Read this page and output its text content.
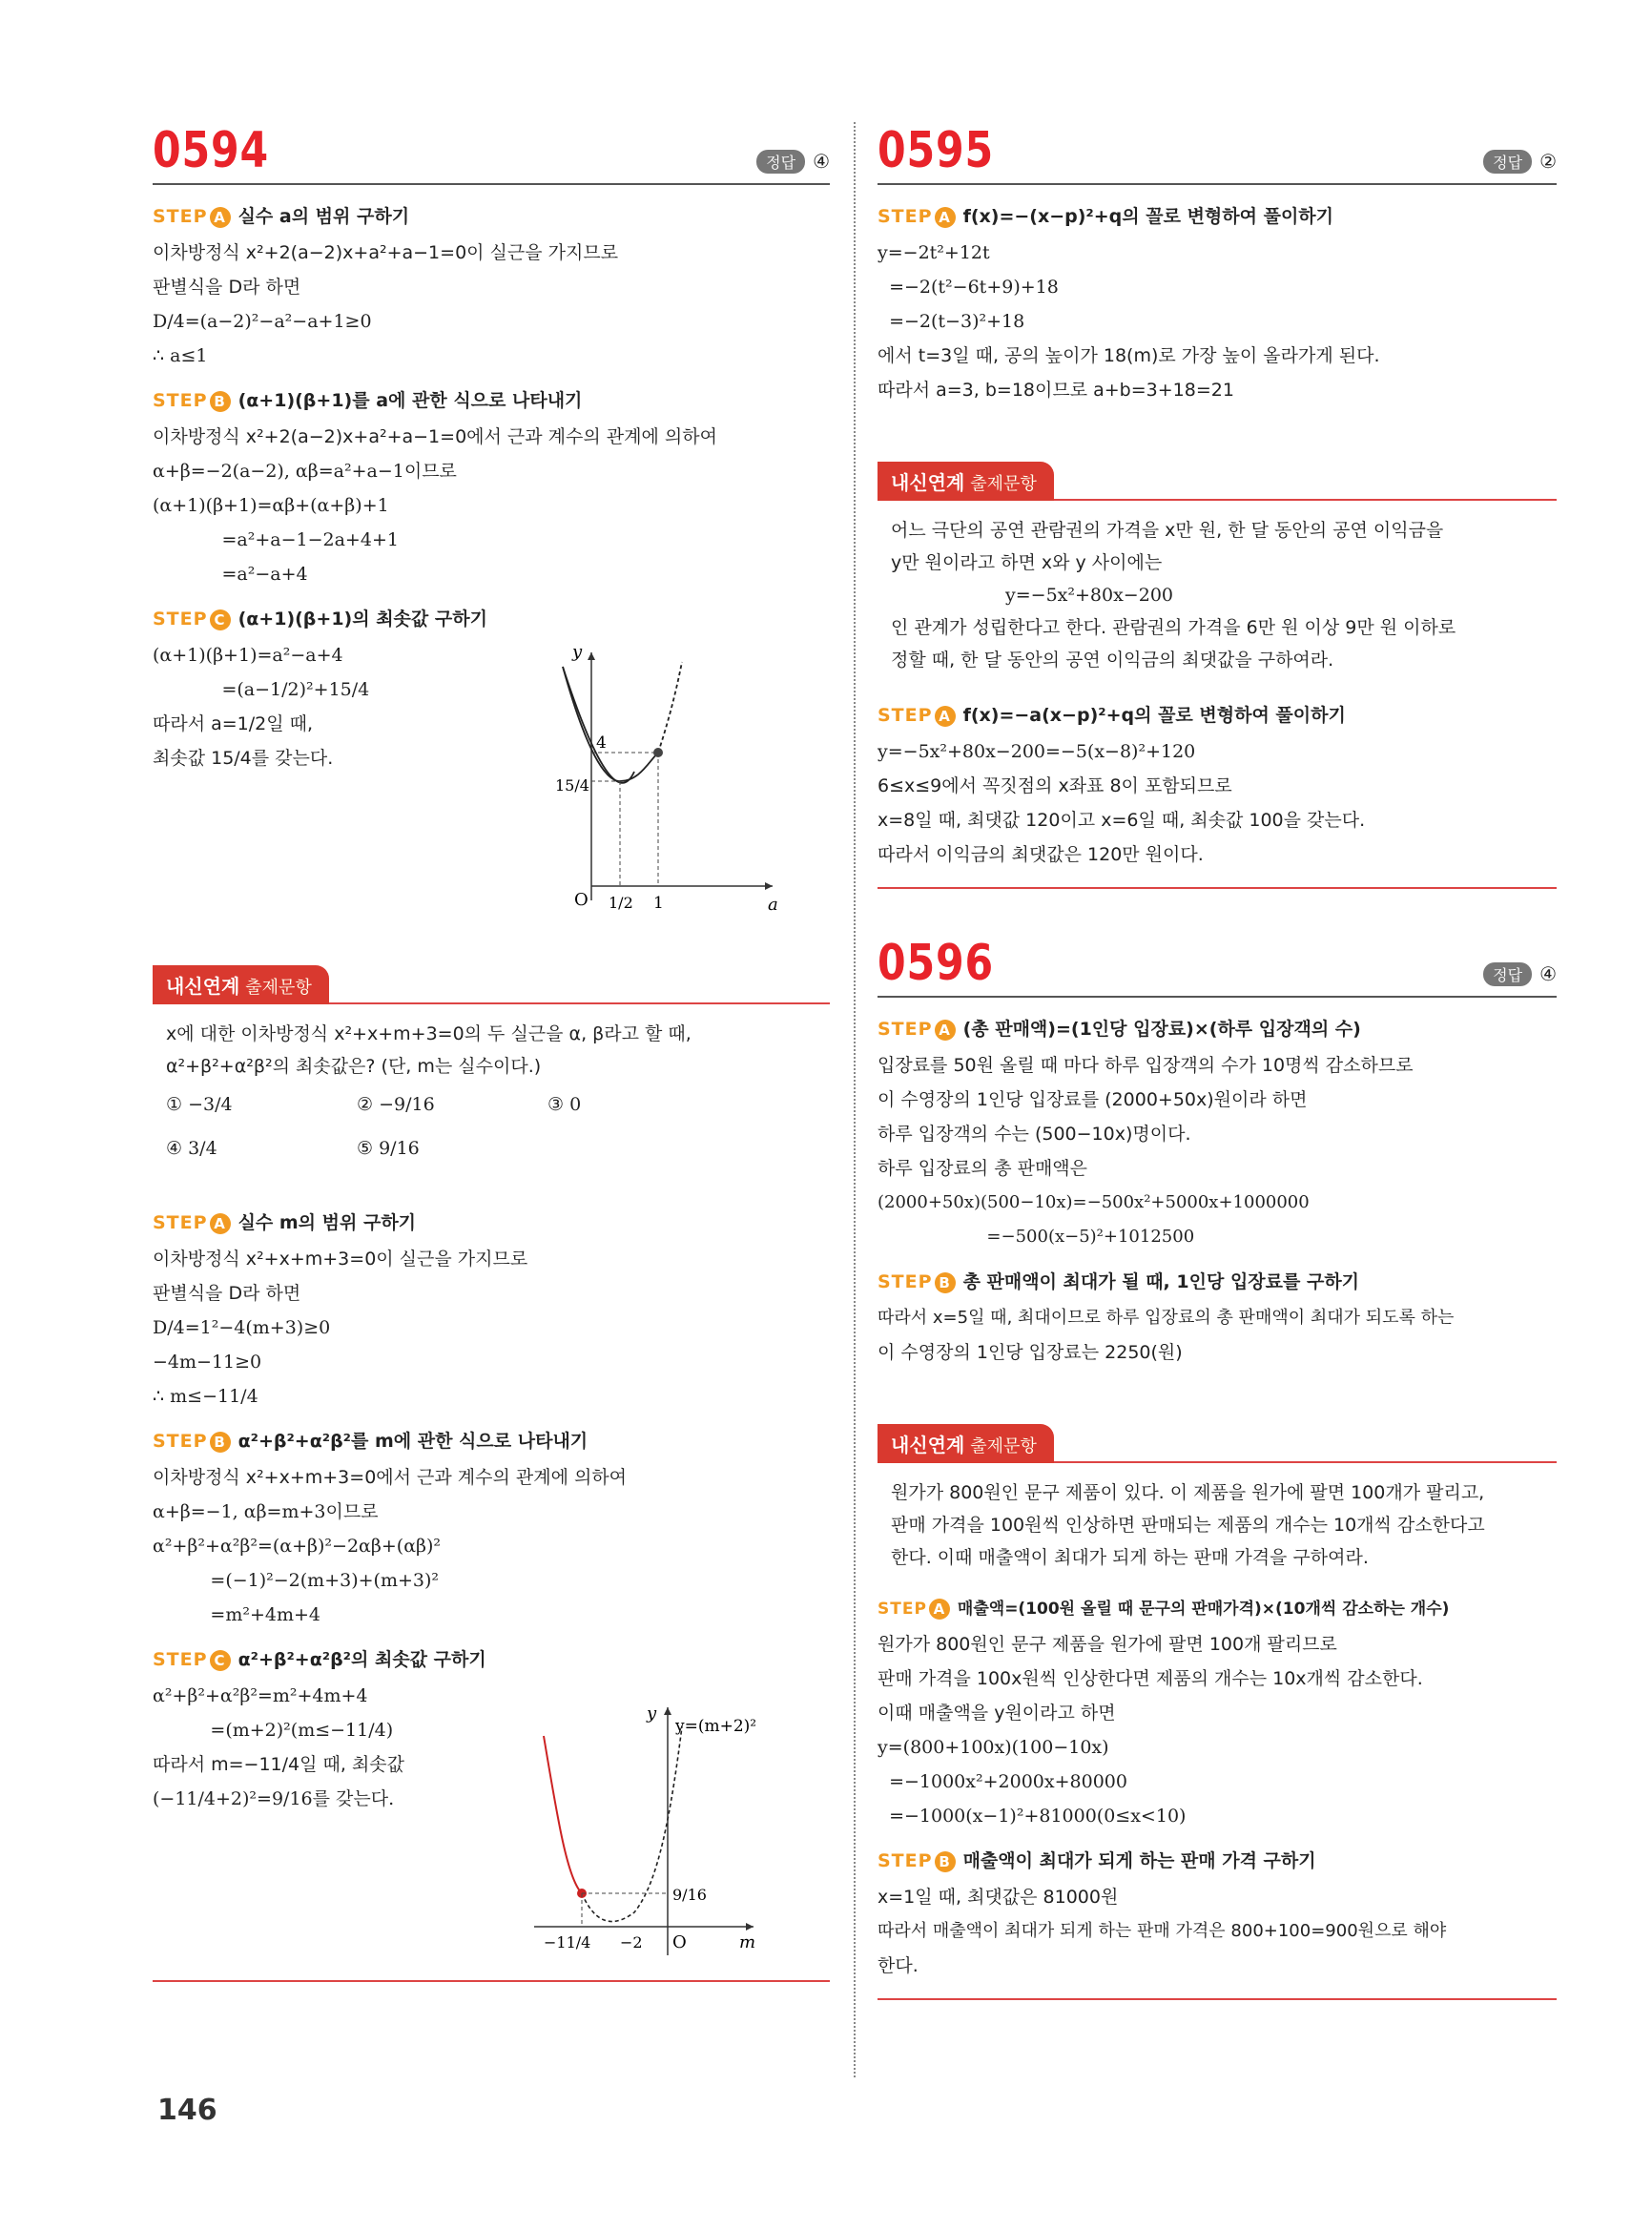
0594	정답 ④
STEP A 실수 a의 범위 구하기
이차방정식 x²+2(a−2)x+a²+a−1=0이 실근을 가지므로
판별식을 D라 하면
D/4=(a−2)²−a²−a+1≥0
∴ a≤1
STEP B (α+1)(β+1)를 a에 관한 식으로 나타내기
이차방정식 x²+2(a−2)x+a²+a−1=0에서 근과 계수의 관계에 의하여
α+β=−2(a−2), αβ=a²+a−1이므로
(α+1)(β+1)=αβ+(α+β)+1
=a²+a−1−2a+4+1
=a²−a+4
STEP C (α+1)(β+1)의 최솟값 구하기
(α+1)(β+1)=a²−a+4
=(a−1/2)²+15/4
따라서 a=1/2일 때,
최솟값 15/4를 갖는다.
y
a
O
4
15/4
1/2 1
내신연계 출제문항
x에 대한 이차방정식 x²+x+m+3=0의 두 실근을 α, β라고 할 때,
α²+β²+α²β²의 최솟값은? (단, m는 실수이다.)
① −3/4	② −9/16	③ 0
④ 3/4	⑤ 9/16
STEP A 실수 m의 범위 구하기
이차방정식 x²+x+m+3=0이 실근을 가지므로
판별식을 D라 하면
D/4=1²−4(m+3)≥0
−4m−11≥0
∴ m≤−11/4
STEP B α²+β²+α²β²를 m에 관한 식으로 나타내기
이차방정식 x²+x+m+3=0에서 근과 계수의 관계에 의하여
α+β=−1, αβ=m+3이므로
α²+β²+α²β²=(α+β)²−2αβ+(αβ)²
=(−1)²−2(m+3)+(m+3)²
=m²+4m+4
STEP C α²+β²+α²β²의 최솟값 구하기
α²+β²+α²β²=m²+4m+4
=(m+2)²(m≤−11/4)
따라서 m=−11/4일 때, 최솟값
(−11/4+2)²=9/16를 갖는다.
y
y=(m+2)²
9/16
O	m
−11/4 −2
0595	정답 ②
STEP A f(x)=−(x−p)²+q의 꼴로 변형하여 풀이하기
y=−2t²+12t
=−2(t²−6t+9)+18
=−2(t−3)²+18
에서 t=3일 때, 공의 높이가 18(m)로 가장 높이 올라가게 된다.
따라서 a=3, b=18이므로 a+b=3+18=21
내신연계 출제문항
어느 극단의 공연 관람권의 가격을 x만 원, 한 달 동안의 공연 이익금을
y만 원이라고 하면 x와 y 사이에는
y=−5x²+80x−200
인 관계가 성립한다고 한다. 관람권의 가격을 6만 원 이상 9만 원 이하로
정할 때, 한 달 동안의 공연 이익금의 최댓값을 구하여라.
STEP A f(x)=−a(x−p)²+q의 꼴로 변형하여 풀이하기
y=−5x²+80x−200=−5(x−8)²+120
6≤x≤9에서 꼭짓점의 x좌표 8이 포함되므로
x=8일 때, 최댓값 120이고 x=6일 때, 최솟값 100을 갖는다.
따라서 이익금의 최댓값은 120만 원이다.
0596	정답 ④
STEP A (총 판매액)=(1인당 입장료)×(하루 입장객의 수)
입장료를 50원 올릴 때 마다 하루 입장객의 수가 10명씩 감소하므로
이 수영장의 1인당 입장료를 (2000+50x)원이라 하면
하루 입장객의 수는 (500−10x)명이다.
하루 입장료의 총 판매액은
(2000+50x)(500−10x)=−500x²+5000x+1000000
=−500(x−5)²+1012500
STEP B 총 판매액이 최대가 될 때, 1인당 입장료를 구하기
따라서 x=5일 때, 최대이므로 하루 입장료의 총 판매액이 최대가 되도록 하는
이 수영장의 1인당 입장료는 2250(원)
내신연계 출제문항
원가가 800원인 문구 제품이 있다. 이 제품을 원가에 팔면 100개가 팔리고,
판매 가격을 100원씩 인상하면 판매되는 제품의 개수는 10개씩 감소한다고
한다. 이때 매출액이 최대가 되게 하는 판매 가격을 구하여라.
STEP A 매출액=(100원 올릴 때 문구의 판매가격)×(10개씩 감소하는 개수)
원가가 800원인 문구 제품을 원가에 팔면 100개 팔리므로
판매 가격을 100x원씩 인상한다면 제품의 개수는 10x개씩 감소한다.
이때 매출액을 y원이라고 하면
y=(800+100x)(100−10x)
=−1000x²+2000x+80000
=−1000(x−1)²+81000(0≤x<10)
STEP B 매출액이 최대가 되게 하는 판매 가격 구하기
x=1일 때, 최댓값은 81000원
따라서 매출액이 최대가 되게 하는 판매 가격은 800+100=900원으로 해야
한다.
146
